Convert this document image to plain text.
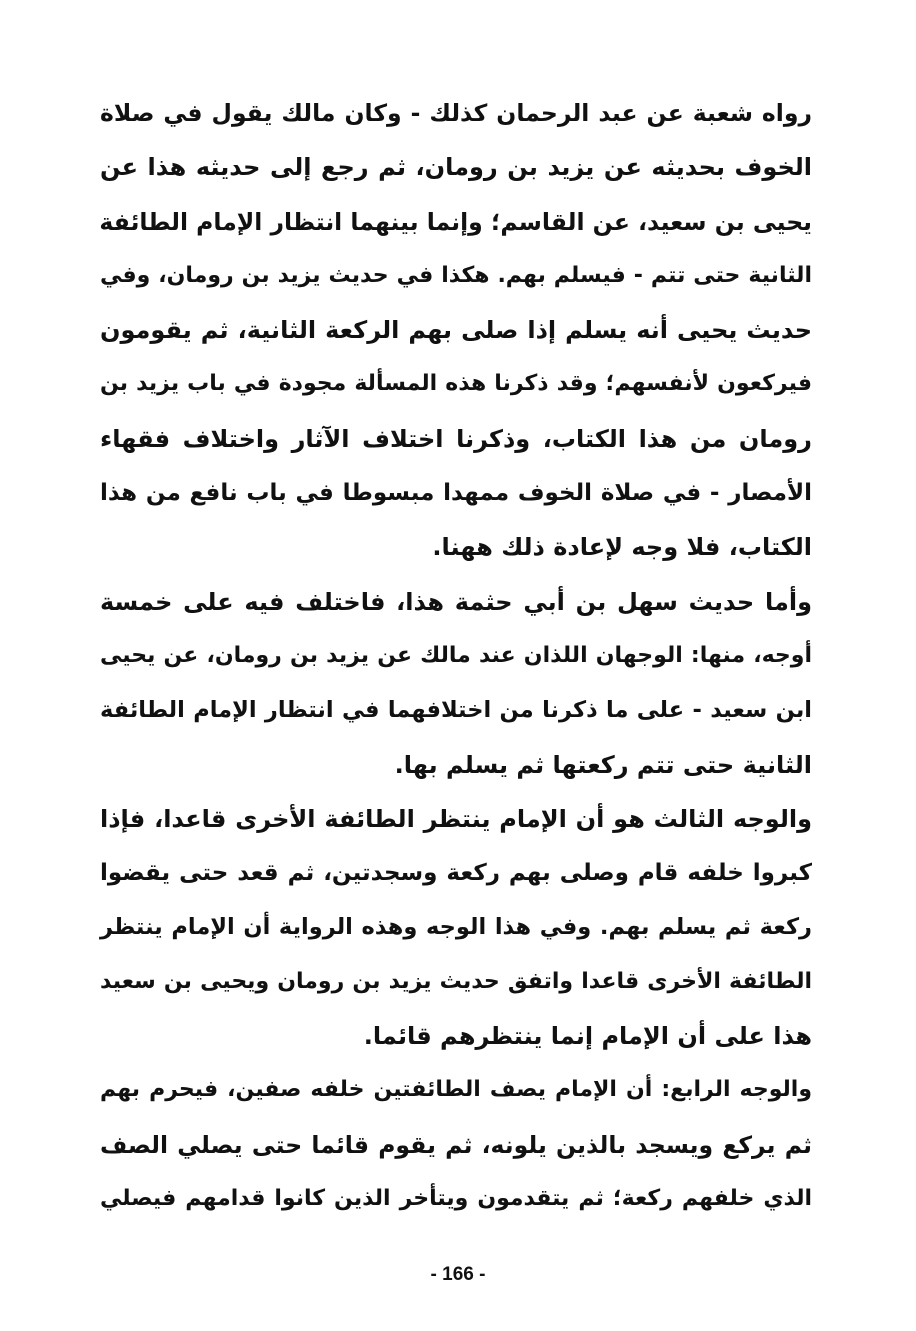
رواه شعبة عن عبد الرحمان كذلك - وكان مالك يقول في صلاة
الخوف بحديثه عن يزيد بن رومان، ثم رجع إلى حديثه هذا عن
يحيى بن سعيد، عن القاسم؛ وإنما بينهما انتظار الإمام الطائفة
الثانية حتى تتم - فيسلم بهم. هكذا في حديث يزيد بن رومان، وفي
حديث يحيى أنه يسلم إذا صلى بهم الركعة الثانية، ثم يقومون
فيركعون لأنفسهم؛ وقد ذكرنا هذه المسألة مجودة في باب يزيد بن
رومان من هذا الكتاب، وذكرنا اختلاف الآثار واختلاف فقهاء
الأمصار - في صلاة الخوف ممهدا مبسوطا في باب نافع من هذا
الكتاب، فلا وجه لإعادة ذلك ههنا.
وأما حديث سهل بن أبي حثمة هذا، فاختلف فيه على خمسة
أوجه، منها: الوجهان اللذان عند مالك عن يزيد بن رومان، عن يحيى
ابن سعيد - على ما ذكرنا من اختلافهما في انتظار الإمام الطائفة
الثانية حتى تتم ركعتها ثم يسلم بها.
والوجه الثالث هو أن الإمام ينتظر الطائفة الأخرى قاعدا، فإذا
كبروا خلفه قام وصلى بهم ركعة وسجدتين، ثم قعد حتى يقضوا
ركعة ثم يسلم بهم. وفي هذا الوجه وهذه الرواية أن الإمام ينتظر
الطائفة الأخرى قاعدا واتفق حديث يزيد بن رومان ويحيى بن سعيد
هذا على أن الإمام إنما ينتظرهم قائما.
والوجه الرابع: أن الإمام يصف الطائفتين خلفه صفين، فيحرم بهم
ثم يركع ويسجد بالذين يلونه، ثم يقوم قائما حتى يصلي الصف
الذي خلفهم ركعة؛ ثم يتقدمون ويتأخر الذين كانوا قدامهم فيصلي
- 166 -
